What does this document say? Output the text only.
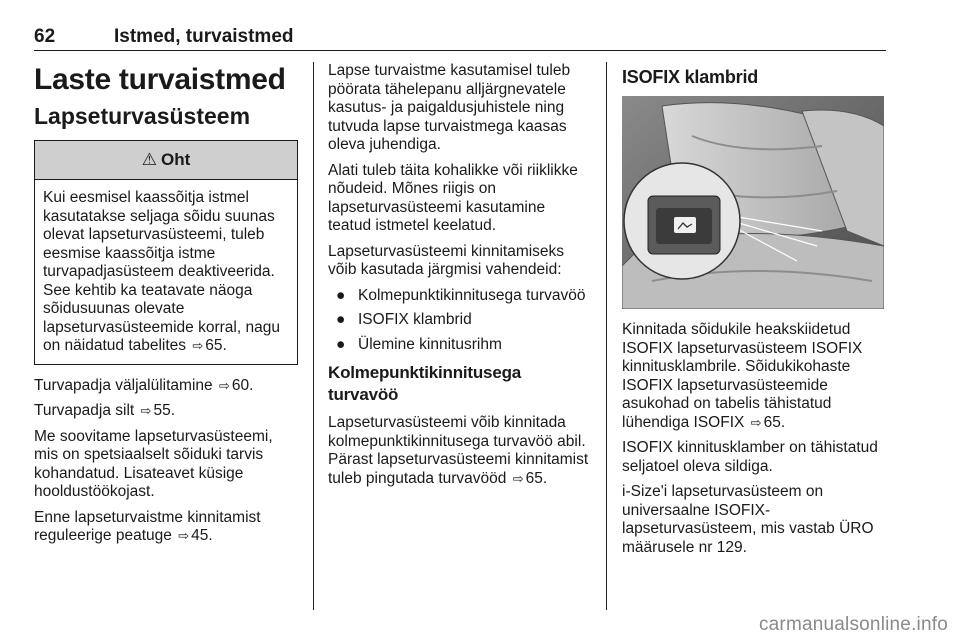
62	Istmed, turvaistmed
Laste turvaistmed
Lapseturvasüsteem
⚠ Oht

Kui eesmisel kaassõitja istmel kasutatakse seljaga sõidu suunas olevat lapseturvasüsteemi, tuleb eesmise kaassõitja istme turvapadjasüsteem deaktiveerida. See kehtib ka teatavate näoga sõidusuunas olevate lapseturvasüsteemide korral, nagu on näidatud tabelites ⇨ 65.

Turvapadja väljalülitamine ⇨ 60.

Turvapadja silt ⇨ 55.

Me soovitame lapseturvasüsteemi, mis on spetsiaalselt sõiduki tarvis kohandatud. Lisateavet küsige hooldustöökojast.

Enne lapseturvaistme kinnitamist reguleerige peatuge ⇨ 45.

Lapse turvaistme kasutamisel tuleb pöörata tähelepanu alljärgnevatele kasutus- ja paigaldusjuhistele ning tutvuda lapse turvaistmega kaasas oleva juhendiga.

Alati tuleb täita kohalikke või riiklikke nõudeid. Mõnes riigis on lapseturvasüsteemi kasutamine teatud istmetel keelatud.

Lapseturvasüsteemi kinnitamiseks võib kasutada järgmisi vahendeid:

● Kolmepunktikinnitusega turvavöö
● ISOFIX klambrid
● Ülemine kinnitusrihm
Kolmepunktikinnitusega turvavöö

Lapseturvasüsteemi võib kinnitada kolmepunktikinnitusega turvavöö abil. Pärast lapseturvasüsteemi kinnitamist tuleb pingutada turvavööd ⇨ 65.

ISOFIX klambrid

Kinnitada sõidukile heakskiidetud ISOFIX lapseturvasüsteem ISOFIX kinnitusklambrile. Sõidukikohaste ISOFIX lapseturvasüsteemide asukohad on tabelis tähistatud lühendiga ISOFIX ⇨ 65.

ISOFIX kinnitusklamber on tähistatud seljatoel oleva sildiga.

i-Size'i lapseturvasüsteem on universaalne ISOFIX-lapseturvasüsteem, mis vastab ÜRO määrusele nr 129.

carmanualsonline.info
